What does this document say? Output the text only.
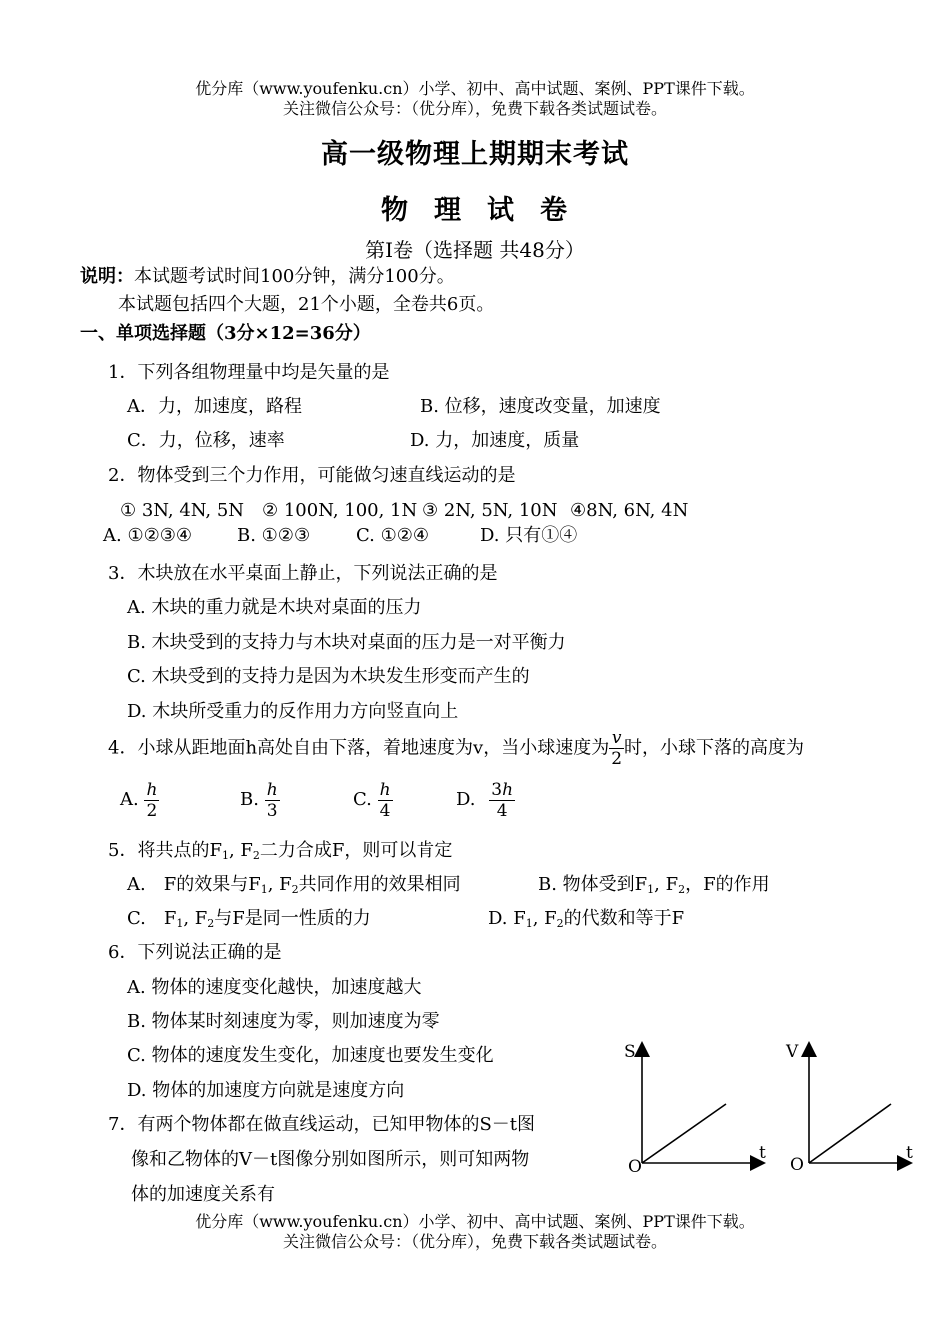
优分库（www.youfenku.cn）小学、初中、高中试题、案例、PPT课件下载。
关注微信公众号：（优分库），免费下载各类试题试卷。
高一级物理上期期末考试
物理试卷
第Ⅰ卷（选择题 共48分）
说明：本试题考试时间100分钟，满分100分。
本试题包括四个大题，21个小题，全卷共6页。
一、单项选择题（3分×12=36分）
1．下列各组物理量中均是矢量的是
A．力，加速度，路程	B. 位移，速度改变量，加速度
C．力，位移，速率	D. 力，加速度，质量
2．物体受到三个力作用，可能做匀速直线运动的是
① 3N, 4N, 5N ② 100N, 100, 1N ③ 2N, 5N, 10N ④8N, 6N, 4N
A. ①②③④	B. ①②③	C. ①②④	D. 只有①④
3．木块放在水平桌面上静止，下列说法正确的是
A. 木块的重力就是木块对桌面的压力
B. 木块受到的支持力与木块对桌面的压力是一对平衡力
C. 木块受到的支持力是因为木块发生形变而产生的
D. 木块所受重力的反作用力方向竖直向上
4．小球从距地面h高处自由下落，着地速度为v，当小球速度为 $\frac{v}{2}$ 时，小球下落的高度为
A. $\frac{h}{2}$	B. $\frac{h}{3}$	C. $\frac{h}{4}$	D. $\frac{3h}{4}$
5．将共点的$F_1$, $F_2$二力合成F，则可以肯定
A.　F的效果与$F_1$, $F_2$共同作用的效果相同	B. 物体受到$F_1$, $F_2$，F的作用
C.　$F_1$, $F_2$与F是同一性质的力	D. $F_1$, $F_2$的代数和等于F
6．下列说法正确的是
A. 物体的速度变化越快，加速度越大
B. 物体某时刻速度为零，则加速度为零
C. 物体的速度发生变化，加速度也要发生变化
D. 物体的加速度方向就是速度方向
7．有两个物体都在做直线运动，已知甲物体的S－t图
像和乙物体的V－t图像分别如图所示，则可知两物
体的加速度关系有
S
t
O
V
t
O
优分库（www.youfenku.cn）小学、初中、高中试题、案例、PPT课件下载。
关注微信公众号：（优分库），免费下载各类试题试卷。
